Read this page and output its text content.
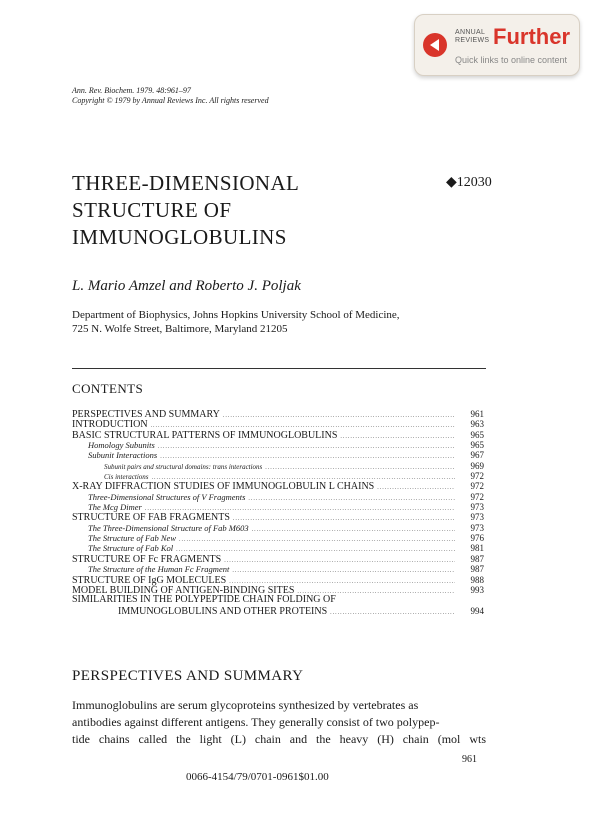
ANNUAL
REVIEWS Further
Quick links to online content
Ann. Rev. Biochem. 1979. 48:961–97
Copyright © 1979 by Annual Reviews Inc. All rights reserved
THREE-DIMENSIONAL
STRUCTURE OF
IMMUNOGLOBULINS
◆12030
L. Mario Amzel and Roberto J. Poljak
Department of Biophysics, Johns Hopkins University School of Medicine,
725 N. Wolfe Street, Baltimore, Maryland 21205
CONTENTS
PERSPECTIVES AND SUMMARY .....	961
INTRODUCTION .....	963
BASIC STRUCTURAL PATTERNS OF IMMUNOGLOBULINS .....	965
Homology Subunits .....	965
Subunit Interactions .....	967
Subunit pairs and structural domains: trans interactions .....	969
Cis interactions .....	972
X-RAY DIFFRACTION STUDIES OF IMMUNOGLOBULIN L CHAINS .....	972
Three-Dimensional Structures of V Fragments .....	972
The Mcg Dimer .....	973
STRUCTURE OF FAB FRAGMENTS .....	973
The Three-Dimensional Structure of Fab M603 .....	973
The Structure of Fab New .....	976
The Structure of Fab Kol .....	981
STRUCTURE OF Fc FRAGMENTS .....	987
The Structure of the Human Fc Fragment .....	987
STRUCTURE OF IgG MOLECULES .....	988
MODEL BUILDING OF ANTIGEN-BINDING SITES .....	993
SIMILARITIES IN THE POLYPEPTIDE CHAIN FOLDING OF
IMMUNOGLOBULINS AND OTHER PROTEINS .....	994
PERSPECTIVES AND SUMMARY
Immunoglobulins are serum glycoproteins synthesized by vertebrates as
antibodies against different antigens. They generally consist of two polypep-
tide chains called the light (L) chain and the heavy (H) chain (mol wts
961
0066-4154/79/0701-0961$01.00
